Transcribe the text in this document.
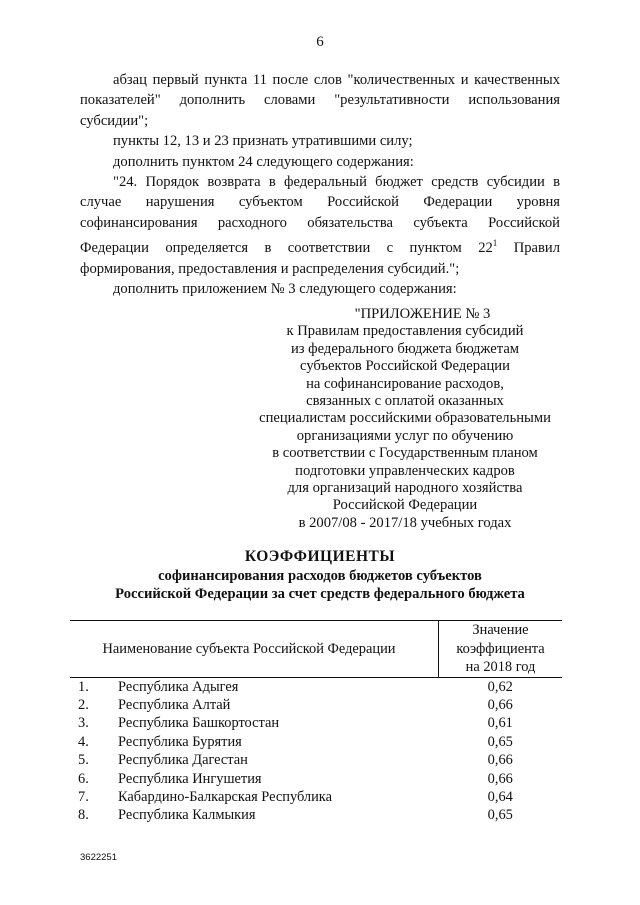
6

абзац первый пункта 11 после слов "количественных и качественных показателей" дополнить словами "результативности использования субсидии";

пункты 12, 13 и 23 признать утратившими силу;

дополнить пунктом 24 следующего содержания:

"24. Порядок возврата в федеральный бюджет средств субсидии в случае нарушения субъектом Российской Федерации уровня софинансирования расходного обязательства субъекта Российской Федерации определяется в соответствии с пунктом $22^1$ Правил формирования, предоставления и распределения субсидий.";

дополнить приложением № 3 следующего содержания:

"ПРИЛОЖЕНИЕ № 3
к Правилам предоставления субсидий
из федерального бюджета бюджетам
субъектов Российской Федерации
на софинансирование расходов,
связанных с оплатой оказанных
специалистам российскими образовательными
организациями услуг по обучению
в соответствии с Государственным планом
подготовки управленческих кадров
для организаций народного хозяйства
Российской Федерации
в 2007/08 - 2017/18 учебных годах
КОЭФФИЦИЕНТЫ
софинансирования расходов бюджетов субъектов
Российской Федерации за счет средств федерального бюджета
Наименование субъекта Российской Федерации		Значение
коэффициента
на 2018 год

1.	Республика Адыгея	0,62
2.	Республика Алтай	0,66
3.	Республика Башкортостан	0,61
4.	Республика Бурятия	0,65
5.	Республика Дагестан	0,66
6.	Республика Ингушетия	0,66
7.	Кабардино-Балкарская Республика	0,64
8.	Республика Калмыкия	0,65
3622251
